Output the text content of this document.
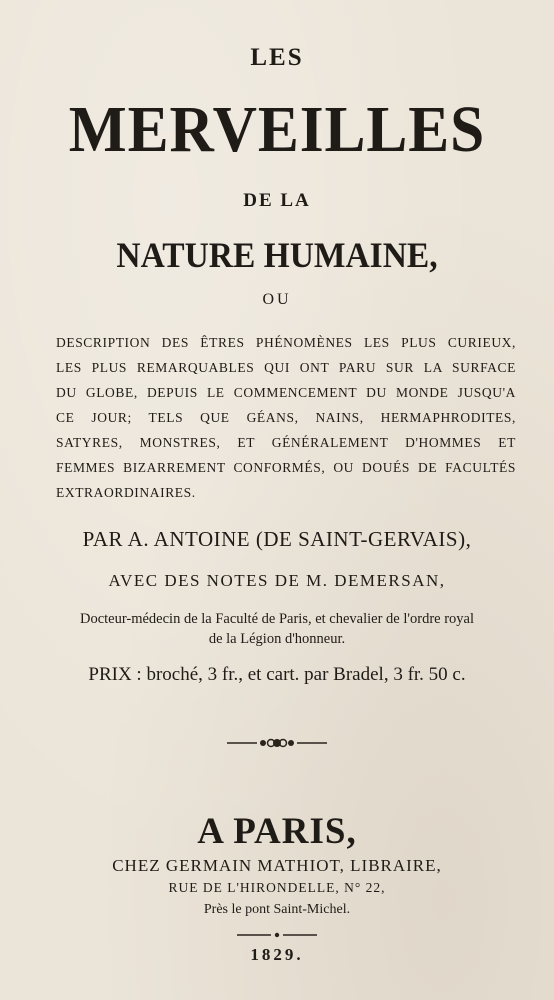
LES
MERVEILLES
DE LA
NATURE HUMAINE,
OU
DESCRIPTION DES ÊTRES PHÉNOMÈNES LES PLUS CURIEUX,
LES PLUS REMARQUABLES QUI ONT PARU SUR LA SURFACE
DU GLOBE, DEPUIS LE COMMENCEMENT DU MONDE JUSQU'A
CE JOUR; TELS QUE GÉANS, NAINS, HERMAPHRODITES,
SATYRES, MONSTRES, ET GÉNÉRALEMENT D'HOMMES ET
FEMMES BIZARREMENT CONFORMÉS, OU DOUÉS DE FACULTÉS
EXTRAORDINAIRES.
PAR A. ANTOINE (DE SAINT-GERVAIS),
AVEC DES NOTES DE M. DEMERSAN,
Docteur-médecin de la Faculté de Paris, et chevalier de l'ordre royal
de la Légion d'honneur.
PRIX : broché, 3 fr., et cart. par Bradel, 3 fr. 50 c.
A PARIS,
CHEZ GERMAIN MATHIOT, LIBRAIRE,
RUE DE L'HIRONDELLE, N° 22,
Près le pont Saint-Michel.
1829.
